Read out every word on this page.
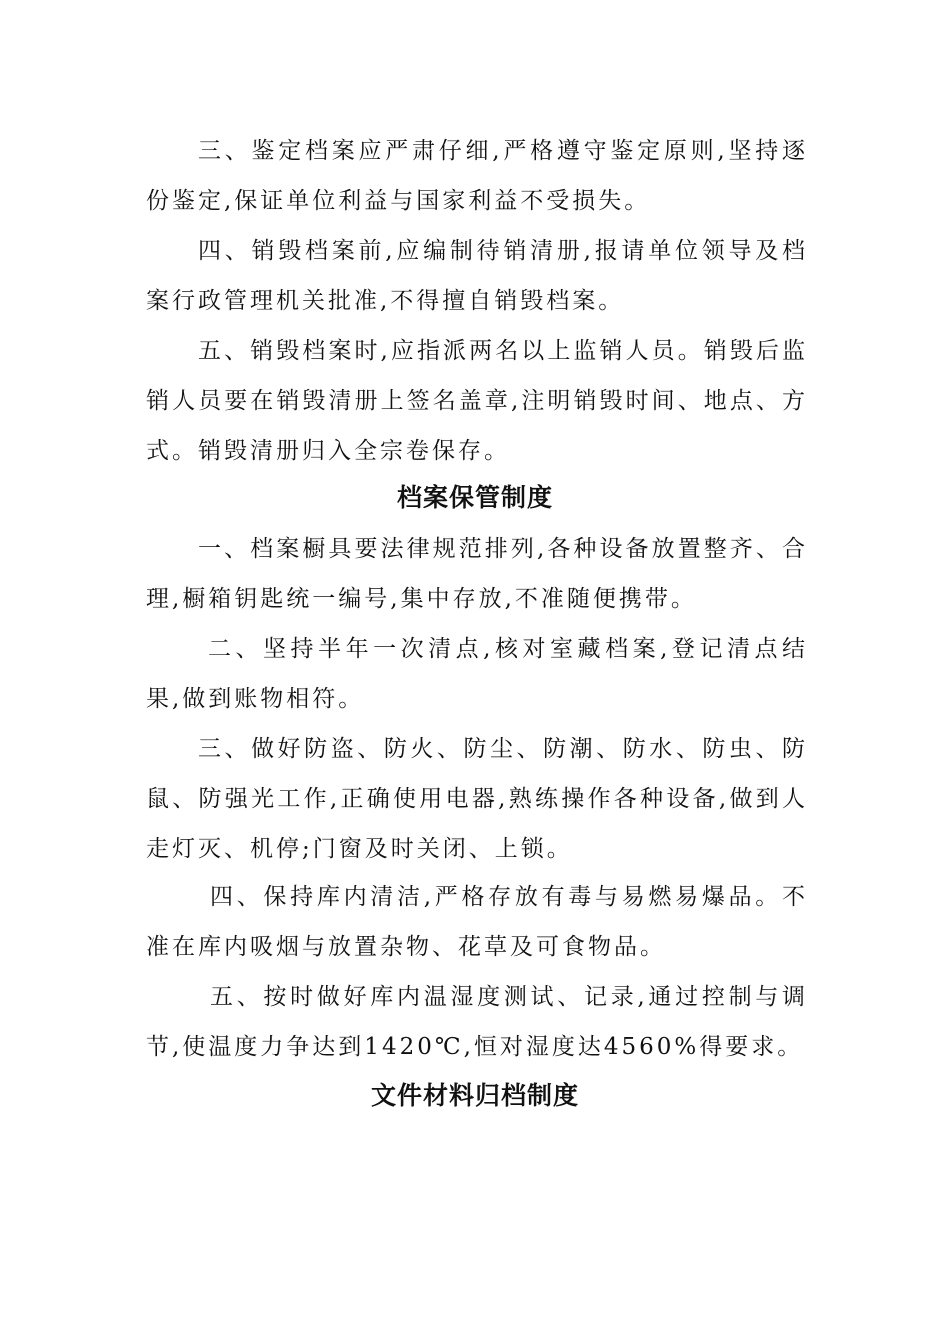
三、鉴定档案应严肃仔细,严格遵守鉴定原则,坚持逐份鉴定,保证单位利益与国家利益不受损失。

四、销毁档案前,应编制待销清册,报请单位领导及档案行政管理机关批准,不得擅自销毁档案。

五、销毁档案时,应指派两名以上监销人员。销毁后监销人员要在销毁清册上签名盖章,注明销毁时间、地点、方式。销毁清册归入全宗卷保存。

档案保管制度

一、档案橱具要法律规范排列,各种设备放置整齐、合理,橱箱钥匙统一编号,集中存放,不准随便携带。

二、坚持半年一次清点,核对室藏档案,登记清点结果,做到账物相符。

三、做好防盗、防火、防尘、防潮、防水、防虫、防鼠、防强光工作,正确使用电器,熟练操作各种设备,做到人走灯灭、机停;门窗及时关闭、上锁。

四、保持库内清洁,严格存放有毒与易燃易爆品。不准在库内吸烟与放置杂物、花草及可食物品。

五、按时做好库内温湿度测试、记录,通过控制与调节,使温度力争达到1420℃,恒对湿度达4560%得要求。

文件材料归档制度
